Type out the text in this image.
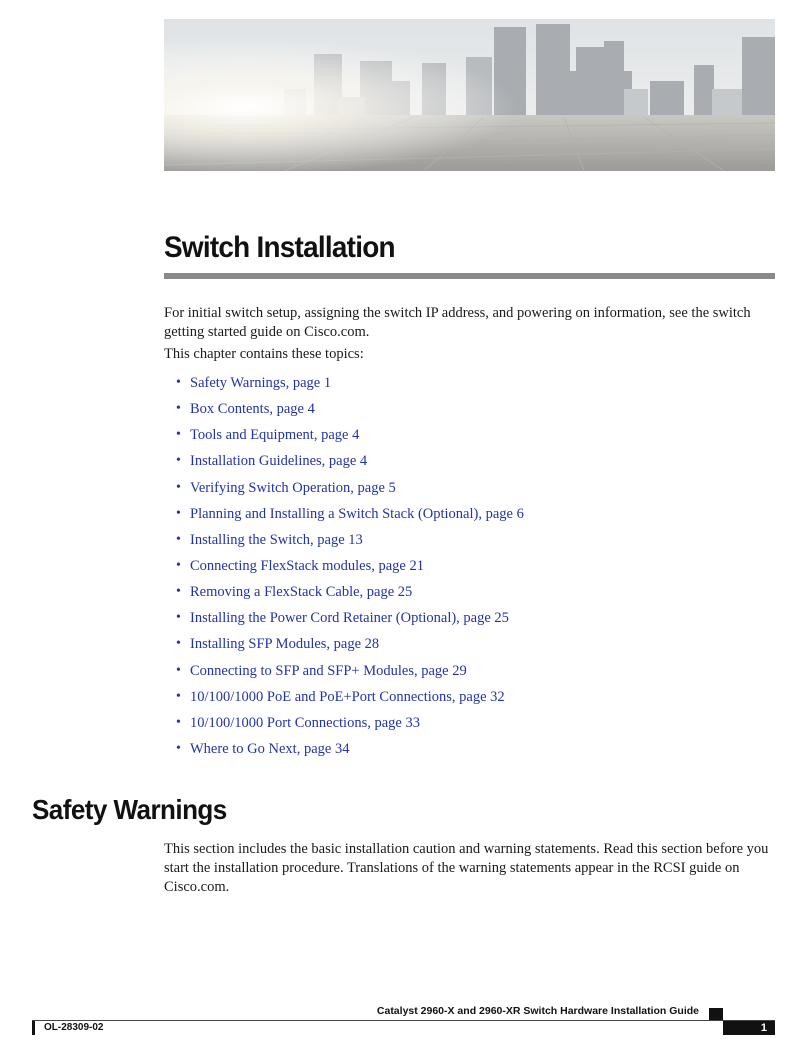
Switch Installation

For initial switch setup, assigning the switch IP address, and powering on information, see the switch getting started guide on Cisco.com.

This chapter contains these topics:

• Safety Warnings, page 1
• Box Contents, page 4
• Tools and Equipment, page 4
• Installation Guidelines, page 4
• Verifying Switch Operation, page 5
• Planning and Installing a Switch Stack (Optional), page 6
• Installing the Switch, page 13
• Connecting FlexStack modules, page 21
• Removing a FlexStack Cable, page 25
• Installing the Power Cord Retainer (Optional), page 25
• Installing SFP Modules, page 28
• Connecting to SFP and SFP+ Modules, page 29
• 10/100/1000 PoE and PoE+Port Connections, page 32
• 10/100/1000 Port Connections, page 33
• Where to Go Next, page 34
Safety Warnings

This section includes the basic installation caution and warning statements. Read this section before you start the installation procedure. Translations of the warning statements appear in the RCSI guide on Cisco.com.

Catalyst 2960-X and 2960-XR Switch Hardware Installation Guide
OL-28309-02	1
